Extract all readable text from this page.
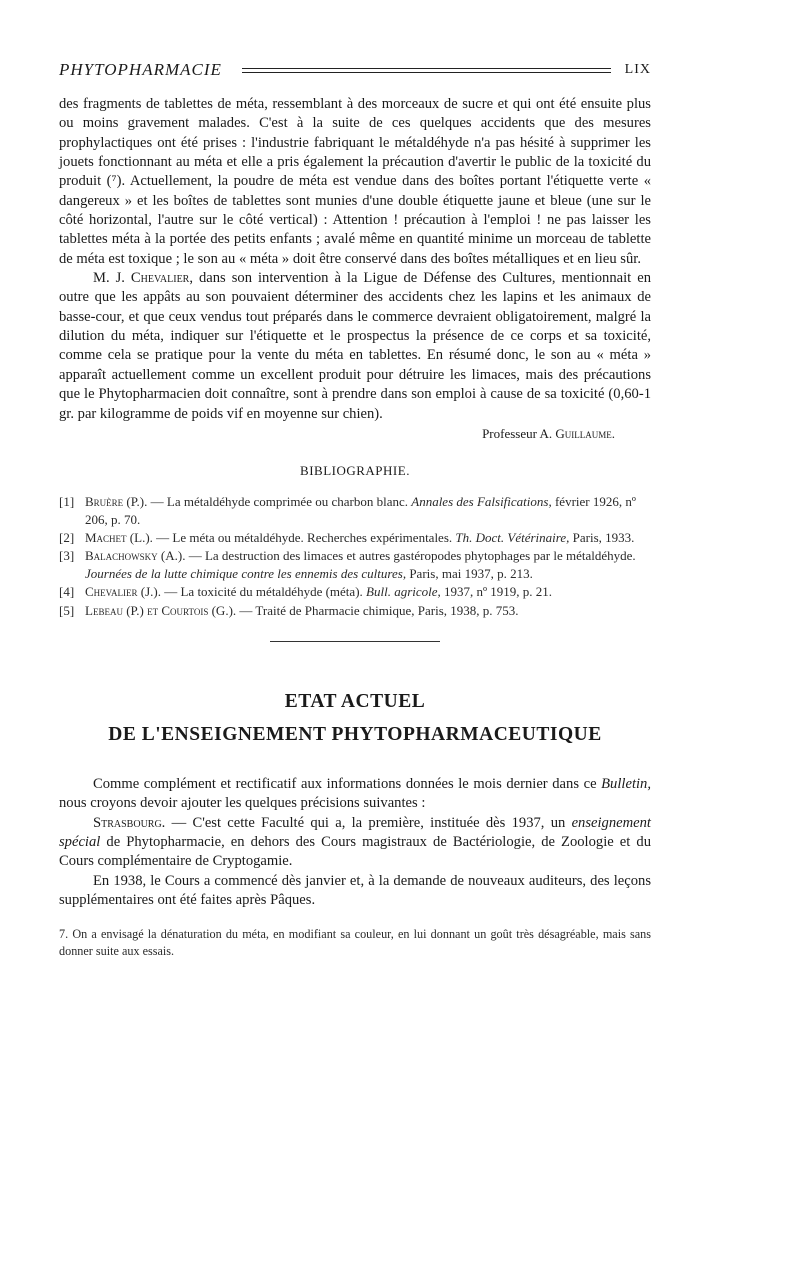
PHYTOPHARMACIE	LIX

des fragments de tablettes de méta, ressemblant à des morceaux de sucre et qui ont été ensuite plus ou moins gravement malades. C'est à la suite de ces quelques accidents que des mesures prophylactiques ont été prises : l'industrie fabriquant le métaldéhyde n'a pas hésité à supprimer les jouets fonctionnant au méta et elle a pris également la précaution d'avertir le public de la toxicité du produit (⁷). Actuellement, la poudre de méta est vendue dans des boîtes portant l'étiquette verte « dangereux » et les boîtes de tablettes sont munies d'une double étiquette jaune et bleue (une sur le côté horizontal, l'autre sur le côté vertical) : Attention ! précaution à l'emploi ! ne pas laisser les tablettes méta à la portée des petits enfants ; avalé même en quantité minime un morceau de tablette de méta est toxique ; le son au « méta » doit être conservé dans des boîtes métalliques et en lieu sûr.

M. J. Chevalier, dans son intervention à la Ligue de Défense des Cultures, mentionnait en outre que les appâts au son pouvaient déterminer des accidents chez les lapins et les animaux de basse-cour, et que ceux vendus tout préparés dans le commerce devraient obligatoirement, malgré la dilution du méta, indiquer sur l'étiquette et le prospectus la présence de ce corps et sa toxicité, comme cela se pratique pour la vente du méta en tablettes. En résumé donc, le son au « méta » apparaît actuellement comme un excellent produit pour détruire les limaces, mais des précautions que le Phytopharmacien doit connaître, sont à prendre dans son emploi à cause de sa toxicité (0,60-1 gr. par kilogramme de poids vif en moyenne sur chien).

Professeur A. Guillaume.
BIBLIOGRAPHIE.
[1] Bruère (P.). — La métaldéhyde comprimée ou charbon blanc. Annales des Falsifications, février 1926, nº 206, p. 70.
[2] Machet (L.). — Le méta ou métaldéhyde. Recherches expérimentales. Th. Doct. Vétérinaire, Paris, 1933.
[3] Balachowsky (A.). — La destruction des limaces et autres gastéropodes phytophages par le métaldéhyde. Journées de la lutte chimique contre les ennemis des cultures, Paris, mai 1937, p. 213.
[4] Chevalier (J.). — La toxicité du métaldéhyde (méta). Bull. agricole, 1937, nº 1919, p. 21.
[5] Lebeau (P.) et Courtois (G.). — Traité de Pharmacie chimique, Paris, 1938, p. 753.
ETAT ACTUEL
DE L'ENSEIGNEMENT PHYTOPHARMACEUTIQUE

Comme complément et rectificatif aux informations données le mois dernier dans ce Bulletin, nous croyons devoir ajouter les quelques précisions suivantes :

Strasbourg. — C'est cette Faculté qui a, la première, instituée dès 1937, un enseignement spécial de Phytopharmacie, en dehors des Cours magistraux de Bactériologie, de Zoologie et du Cours complémentaire de Cryptogamie.

En 1938, le Cours a commencé dès janvier et, à la demande de nouveaux auditeurs, des leçons supplémentaires ont été faites après Pâques.

7. On a envisagé la dénaturation du méta, en modifiant sa couleur, en lui donnant un goût très désagréable, mais sans donner suite aux essais.
